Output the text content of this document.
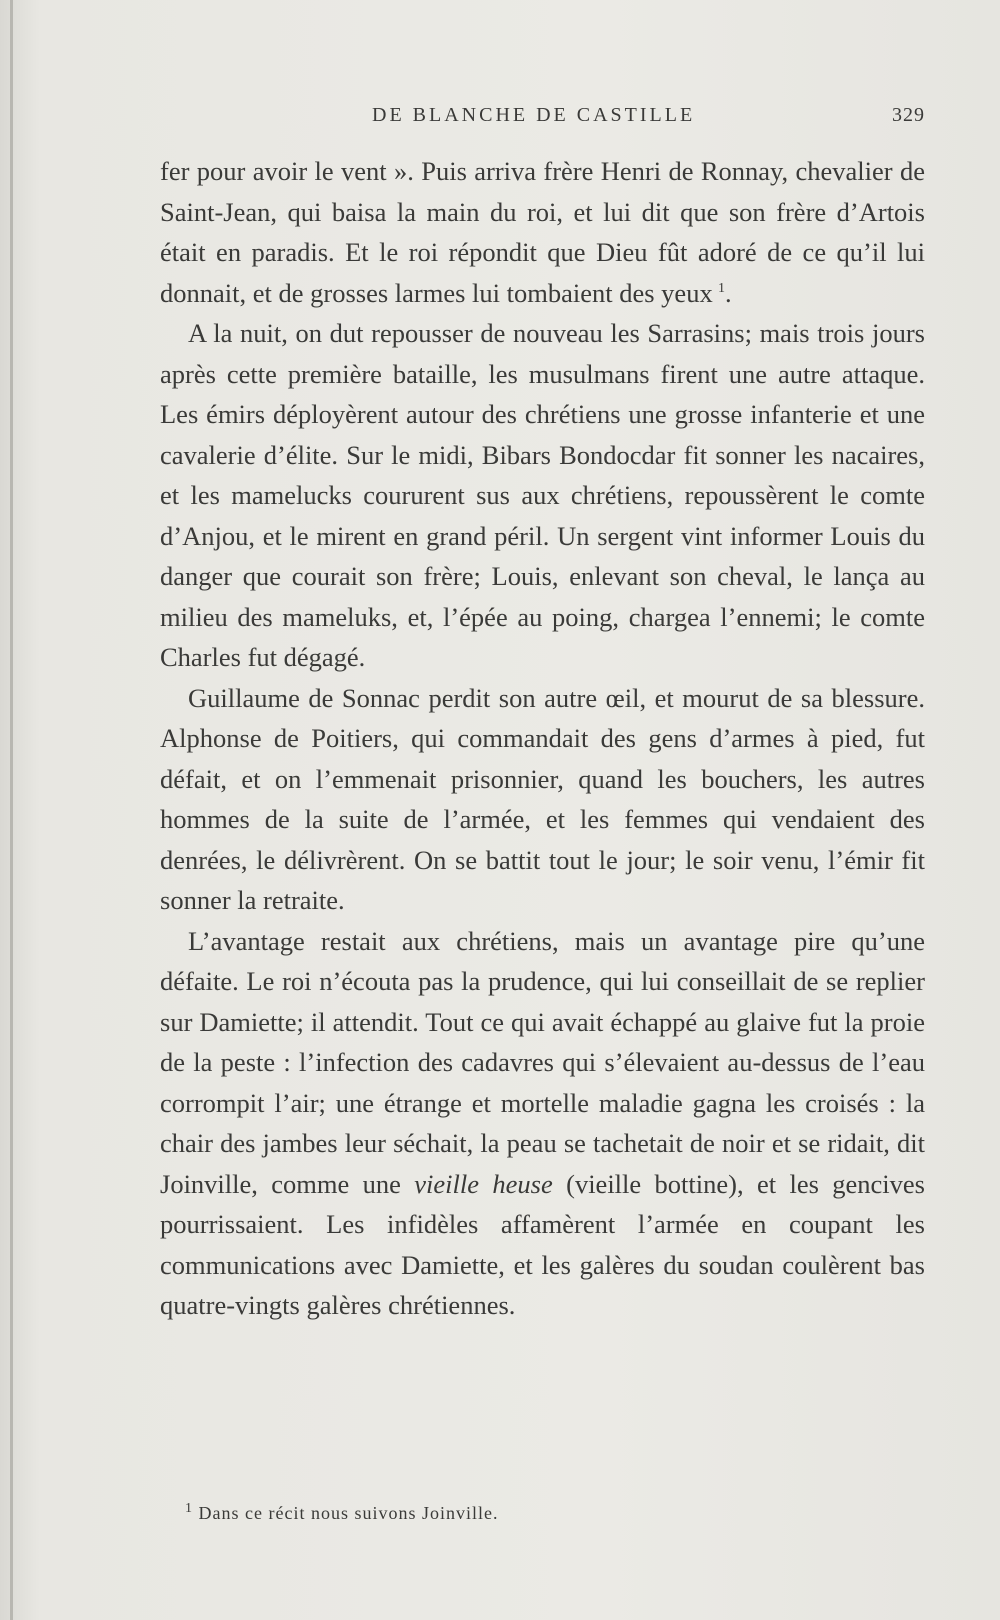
DE BLANCHE DE CASTILLE	329

fer pour avoir le vent ». Puis arriva frère Henri de Ronnay, chevalier de Saint-Jean, qui baisa la main du roi, et lui dit que son frère d’Artois était en paradis. Et le roi répondit que Dieu fût adoré de ce qu’il lui donnait, et de grosses larmes lui tombaient des yeux  $^1$.

A la nuit, on dut repousser de nouveau les Sarrasins; mais trois jours après cette première bataille, les musulmans firent une autre attaque. Les émirs déployèrent autour des chrétiens une grosse infanterie et une cavalerie d’élite. Sur le midi, Bibars Bondocdar fit sonner les nacaires, et les mamelucks coururent sus aux chrétiens, repoussèrent le comte d’Anjou, et le mirent en grand péril. Un sergent vint informer Louis du danger que courait son frère; Louis, enlevant son cheval, le lança au milieu des mameluks, et, l’épée au poing, chargea l’ennemi; le comte Charles fut dégagé.

Guillaume de Sonnac perdit son autre œil, et mourut de sa blessure. Alphonse de Poitiers, qui commandait des gens d’armes à pied, fut défait, et on l’emmenait prisonnier, quand les bouchers, les autres hommes de la suite de l’armée, et les femmes qui vendaient des denrées, le délivrèrent. On se battit tout le jour; le soir venu, l’émir fit sonner la retraite.

L’avantage restait aux chrétiens, mais un avantage pire qu’une défaite. Le roi n’écouta pas la prudence, qui lui conseillait de se replier sur Damiette; il attendit. Tout ce qui avait échappé au glaive fut la proie de la peste : l’infection des cadavres qui s’élevaient au-dessus de l’eau corrompit l’air; une étrange et mortelle maladie gagna les croisés : la chair des jambes leur séchait, la peau se tachetait de noir et se ridait, dit Joinville, comme une vieille heuse (vieille bottine), et les gencives pourrissaient. Les infidèles affamèrent l’armée en coupant les communications avec Damiette, et les galères du soudan coulèrent bas quatre-vingts galères chrétiennes.

$^1$ Dans ce récit nous suivons Joinville.
